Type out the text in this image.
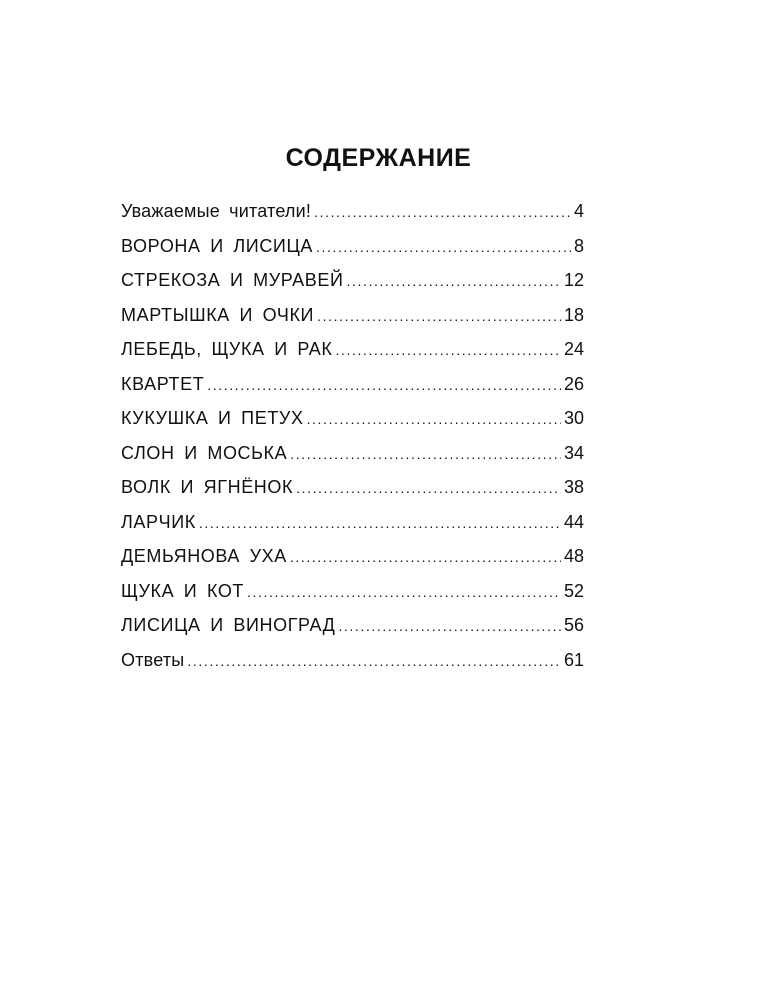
СОДЕРЖАНИЕ
Уважаемые читатели! .....	4
ВОРОНА И ЛИСИЦА .....	8
СТРЕКОЗА И МУРАВЕЙ .....	12
МАРТЫШКА И ОЧКИ .....	18
ЛЕБЕДЬ, ЩУКА И РАК .....	24
КВАРТЕТ .....	26
КУКУШКА И ПЕТУХ .....	30
СЛОН И МОСЬКА .....	34
ВОЛК И ЯГНЁНОК .....	38
ЛАРЧИК .....	44
ДЕМЬЯНОВА УХА .....	48
ЩУКА И КОТ .....	52
ЛИСИЦА И ВИНОГРАД .....	56
Ответы .....	61
